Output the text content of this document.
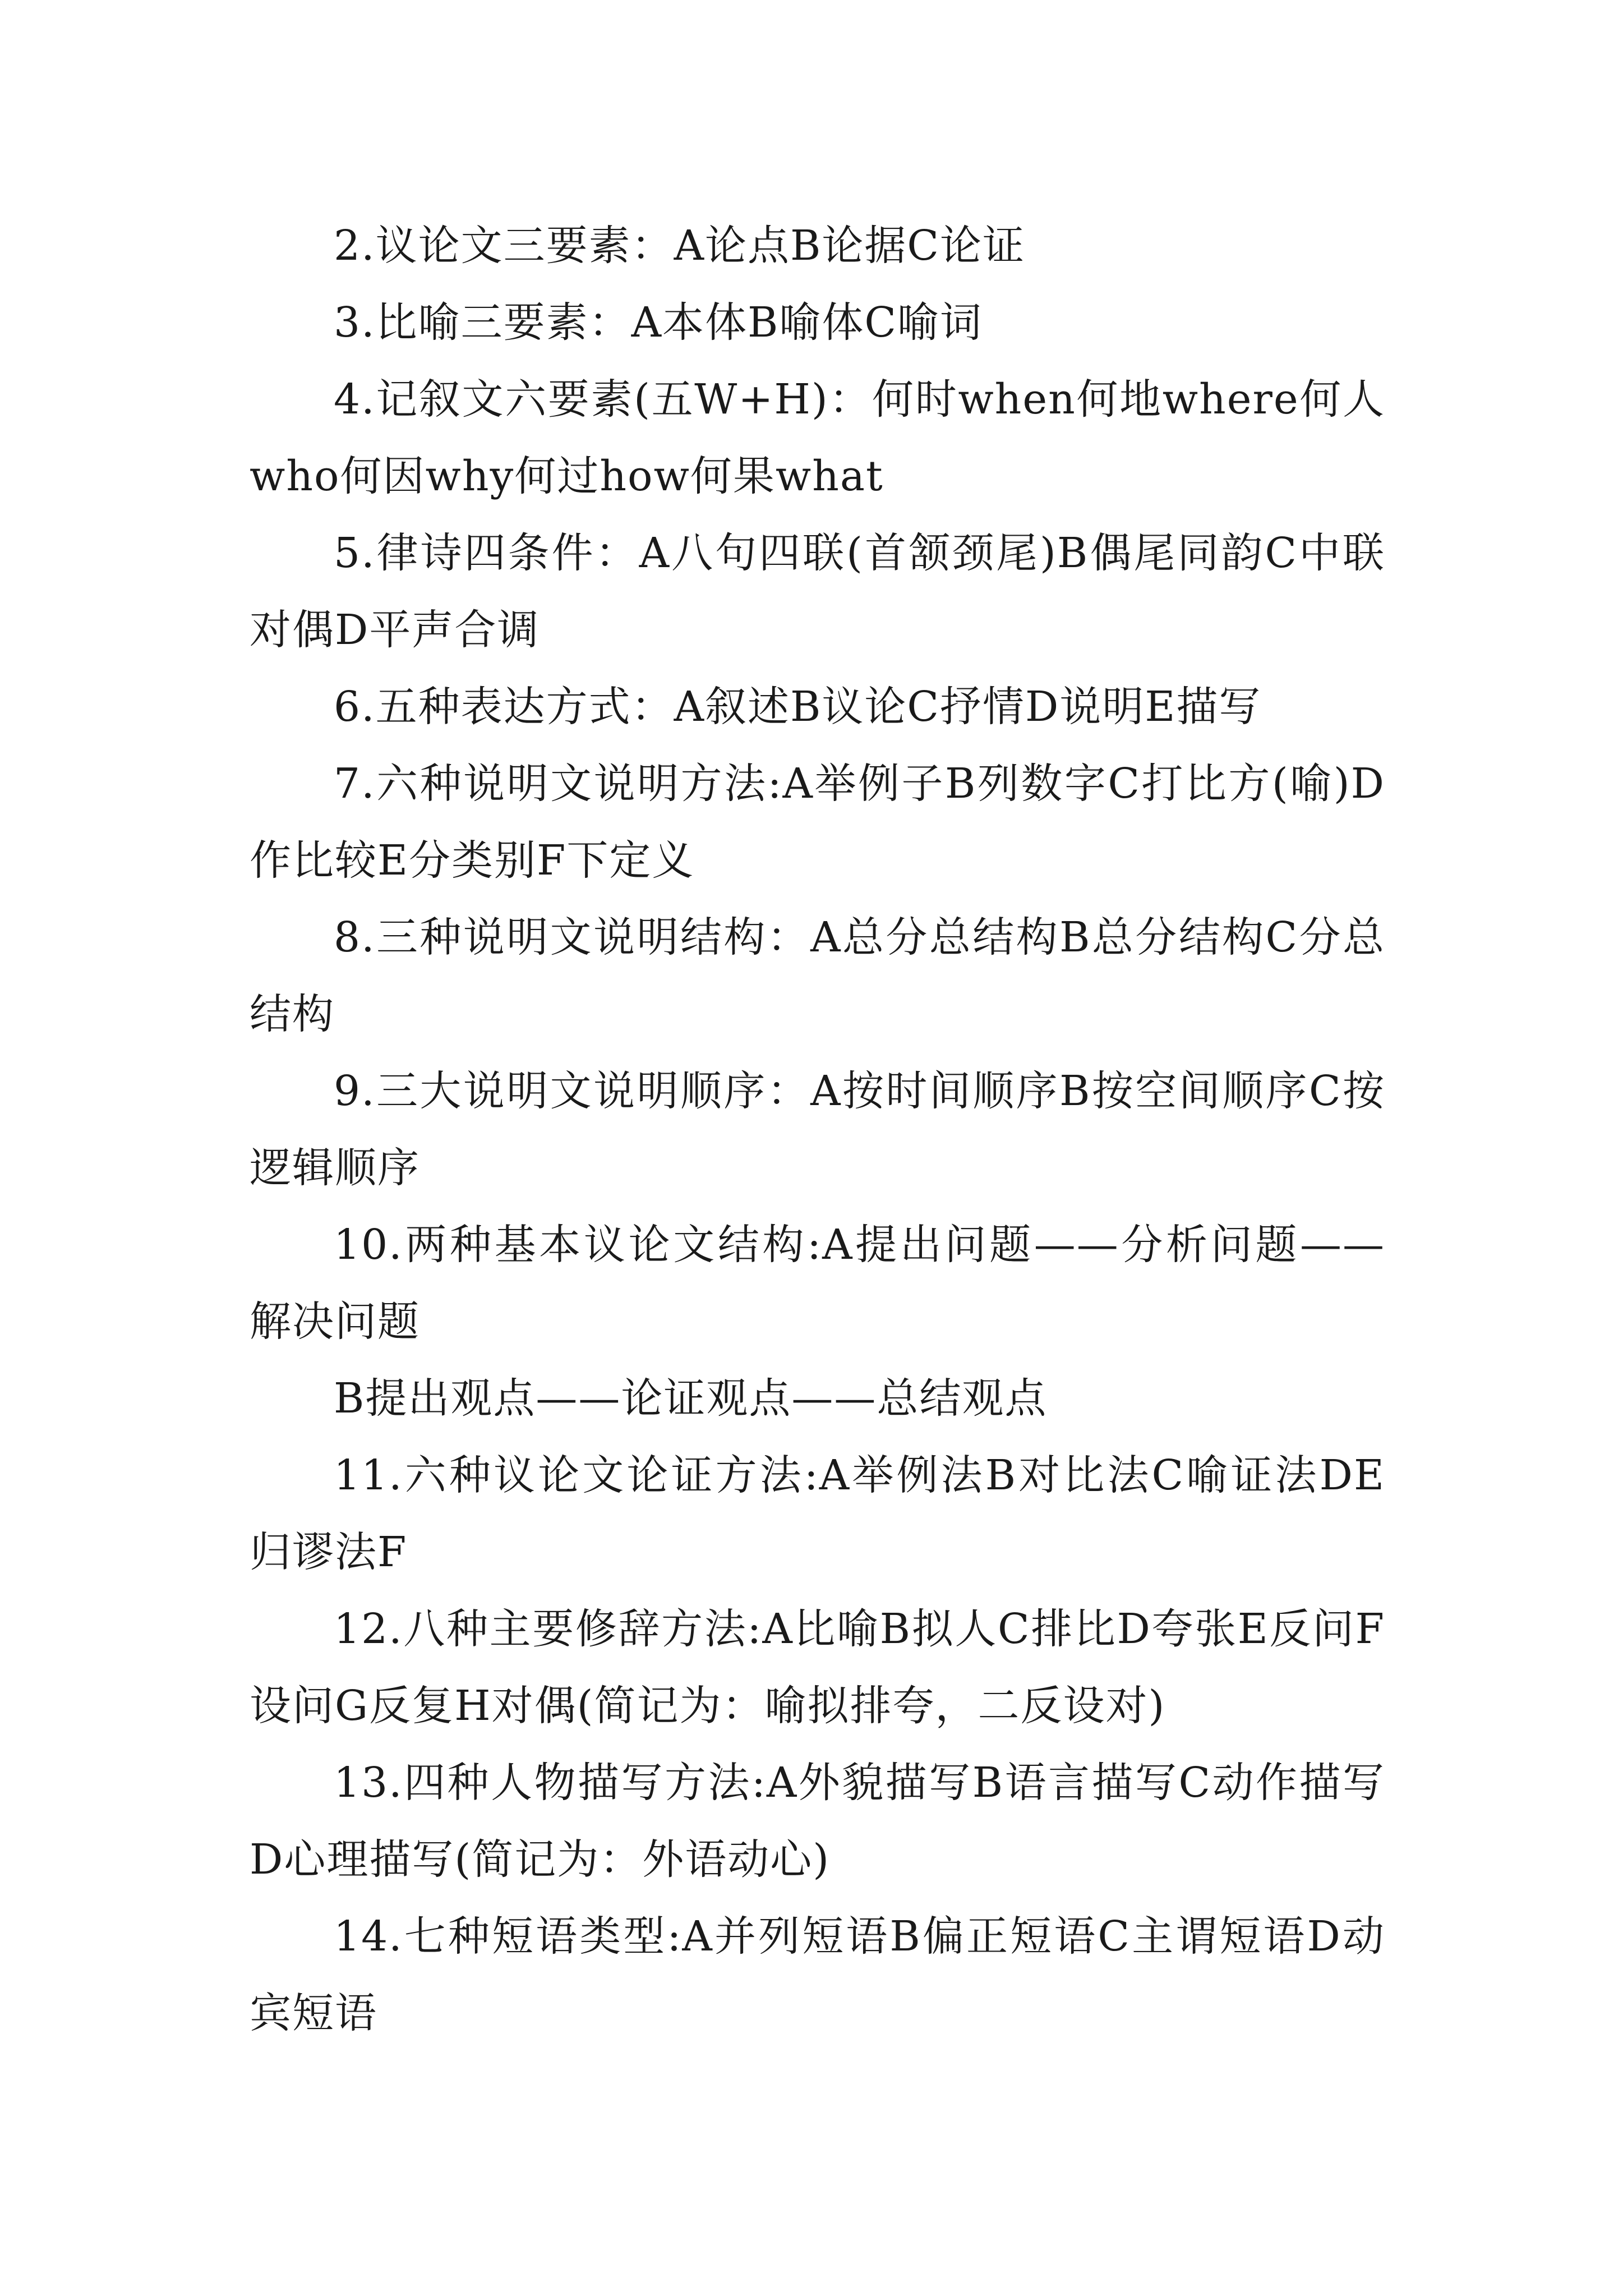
2.议论文三要素：A论点B论据C论证

3.比喻三要素：A本体B喻体C喻词

4.记叙文六要素(五W+H)：何时when何地where何人who何因why何过how何果what

5.律诗四条件：A八句四联(首颔颈尾)B偶尾同韵C中联对偶D平声合调

6.五种表达方式：A叙述B议论C抒情D说明E描写

7.六种说明文说明方法:A举例子B列数字C打比方(喻)D作比较E分类别F下定义

8.三种说明文说明结构：A总分总结构B总分结构C分总结构

9.三大说明文说明顺序：A按时间顺序B按空间顺序C按逻辑顺序

10.两种基本议论文结构:A提出问题——分析问题——解决问题

B提出观点——论证观点——总结观点

11.六种议论文论证方法:A举例法B对比法C喻证法DE归谬法F

12.八种主要修辞方法:A比喻B拟人C排比D夸张E反问F设问G反复H对偶(简记为：喻拟排夸，二反设对)

13.四种人物描写方法:A外貌描写B语言描写C动作描写D心理描写(简记为：外语动心)

14.七种短语类型:A并列短语B偏正短语C主谓短语D动宾短语
